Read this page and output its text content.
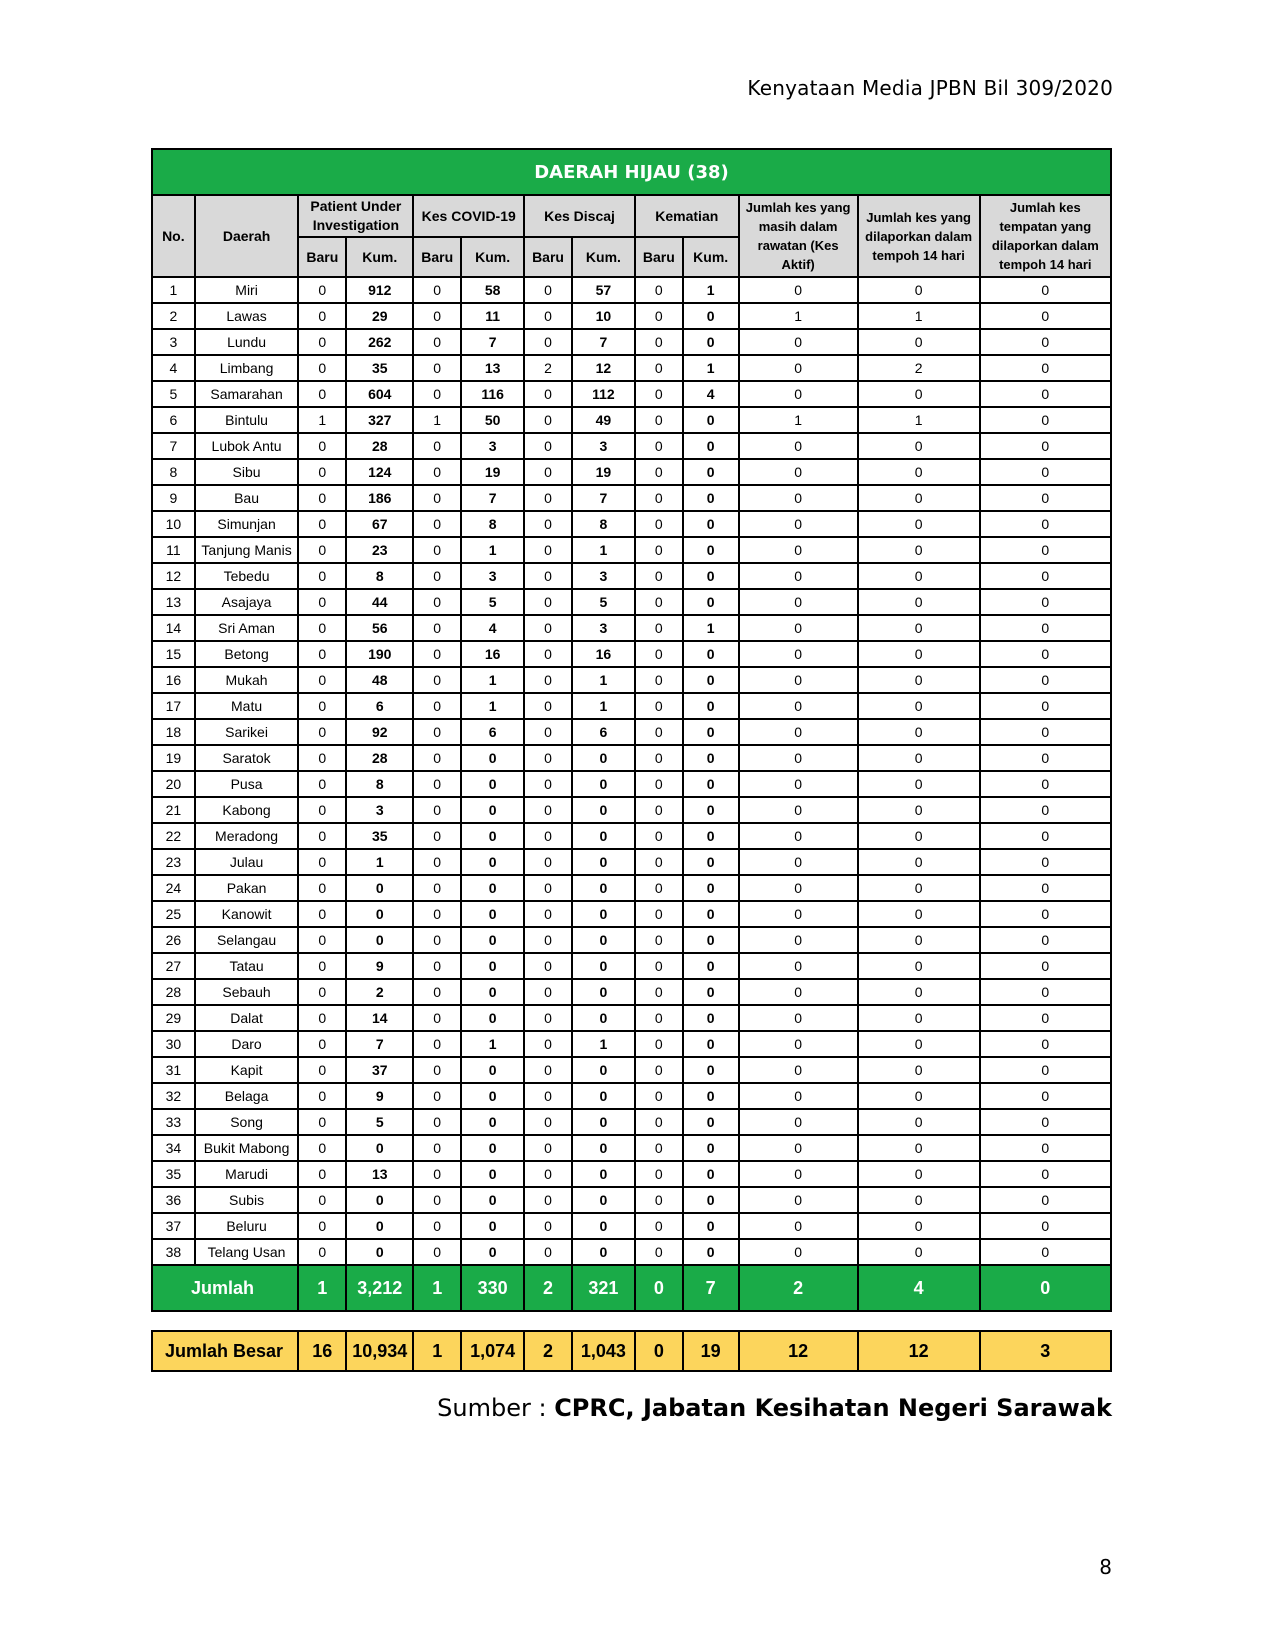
Kenyataan Media JPBN Bil 309/2020
DAERAH HIJAU (38)												
No.	Daerah	Patient Under Investigation		Kes COVID-19		Kes Discaj		Kematian		Jumlah kes yang masih dalam rawatan (Kes Aktif)	Jumlah kes yang dilaporkan dalam tempoh 14 hari	Jumlah kes tempatan yang dilaporkan dalam tempoh 14 hari
		Baru	Kum.	Baru	Kum.	Baru	Kum.	Baru	Kum.			
1	Miri	0	912	0	58	0	57	0	1	0	0	0
2	Lawas	0	29	0	11	0	10	0	0	1	1	0
3	Lundu	0	262	0	7	0	7	0	0	0	0	0
4	Limbang	0	35	0	13	2	12	0	1	0	2	0
5	Samarahan	0	604	0	116	0	112	0	4	0	0	0
6	Bintulu	1	327	1	50	0	49	0	0	1	1	0
7	Lubok Antu	0	28	0	3	0	3	0	0	0	0	0
8	Sibu	0	124	0	19	0	19	0	0	0	0	0
9	Bau	0	186	0	7	0	7	0	0	0	0	0
10	Simunjan	0	67	0	8	0	8	0	0	0	0	0
11	Tanjung Manis	0	23	0	1	0	1	0	0	0	0	0
12	Tebedu	0	8	0	3	0	3	0	0	0	0	0
13	Asajaya	0	44	0	5	0	5	0	0	0	0	0
14	Sri Aman	0	56	0	4	0	3	0	1	0	0	0
15	Betong	0	190	0	16	0	16	0	0	0	0	0
16	Mukah	0	48	0	1	0	1	0	0	0	0	0
17	Matu	0	6	0	1	0	1	0	0	0	0	0
18	Sarikei	0	92	0	6	0	6	0	0	0	0	0
19	Saratok	0	28	0	0	0	0	0	0	0	0	0
20	Pusa	0	8	0	0	0	0	0	0	0	0	0
21	Kabong	0	3	0	0	0	0	0	0	0	0	0
22	Meradong	0	35	0	0	0	0	0	0	0	0	0
23	Julau	0	1	0	0	0	0	0	0	0	0	0
24	Pakan	0	0	0	0	0	0	0	0	0	0	0
25	Kanowit	0	0	0	0	0	0	0	0	0	0	0
26	Selangau	0	0	0	0	0	0	0	0	0	0	0
27	Tatau	0	9	0	0	0	0	0	0	0	0	0
28	Sebauh	0	2	0	0	0	0	0	0	0	0	0
29	Dalat	0	14	0	0	0	0	0	0	0	0	0
30	Daro	0	7	0	1	0	1	0	0	0	0	0
31	Kapit	0	37	0	0	0	0	0	0	0	0	0
32	Belaga	0	9	0	0	0	0	0	0	0	0	0
33	Song	0	5	0	0	0	0	0	0	0	0	0
34	Bukit Mabong	0	0	0	0	0	0	0	0	0	0	0
35	Marudi	0	13	0	0	0	0	0	0	0	0	0
36	Subis	0	0	0	0	0	0	0	0	0	0	0
37	Beluru	0	0	0	0	0	0	0	0	0	0	0
38	Telang Usan	0	0	0	0	0	0	0	0	0	0	0
Jumlah		1	3,212	1	330	2	321	0	7	2	4	0

Jumlah Besar		16	10,934	1	1,074	2	1,043	0	19	12	12	3
Sumber : CPRC, Jabatan Kesihatan Negeri Sarawak
8
